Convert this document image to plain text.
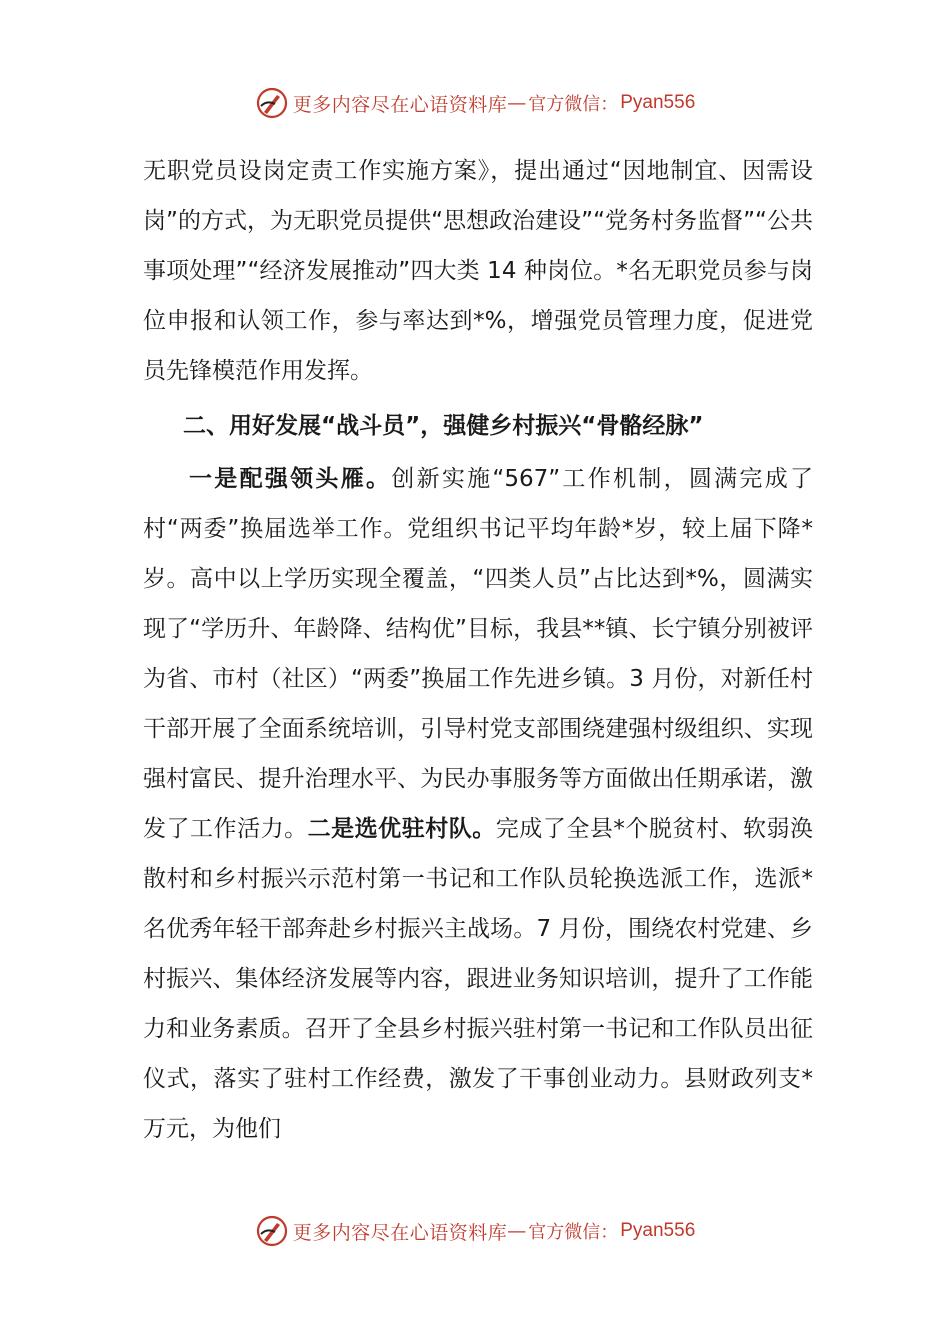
更多内容尽在心语资料库 — 官方微信： Pyan556

无职党员设岗定责工作实施方案》，提出通过“因地制宜、因需设岗”的方式，为无职党员提供“思想政治建设”“党务村务监督”“公共事项处理”“经济发展推动”四大类 14 种岗位。*名无职党员参与岗位申报和认领工作，参与率达到*%，增强党员管理力度，促进党员先锋模范作用发挥。

二、用好发展“战斗员”，强健乡村振兴“骨骼经脉”

一是配强领头雁。创新实施“567”工作机制，圆满完成了村“两委”换届选举工作。党组织书记平均年龄*岁，较上届下降*岁。高中以上学历实现全覆盖，“四类人员”占比达到*%，圆满实现了“学历升、年龄降、结构优”目标，我县**镇、长宁镇分别被评为省、市村（社区）“两委”换届工作先进乡镇。3 月份，对新任村干部开展了全面系统培训，引导村党支部围绕建强村级组织、实现强村富民、提升治理水平、为民办事服务等方面做出任期承诺，激发了工作活力。二是选优驻村队。完成了全县*个脱贫村、软弱涣散村和乡村振兴示范村第一书记和工作队员轮换选派工作，选派*名优秀年轻干部奔赴乡村振兴主战场。7 月份，围绕农村党建、乡村振兴、集体经济发展等内容，跟进业务知识培训，提升了工作能力和业务素质。召开了全县乡村振兴驻村第一书记和工作队员出征仪式，落实了驻村工作经费，激发了干事创业动力。县财政列支*万元，为他们

更多内容尽在心语资料库 — 官方微信： Pyan556
